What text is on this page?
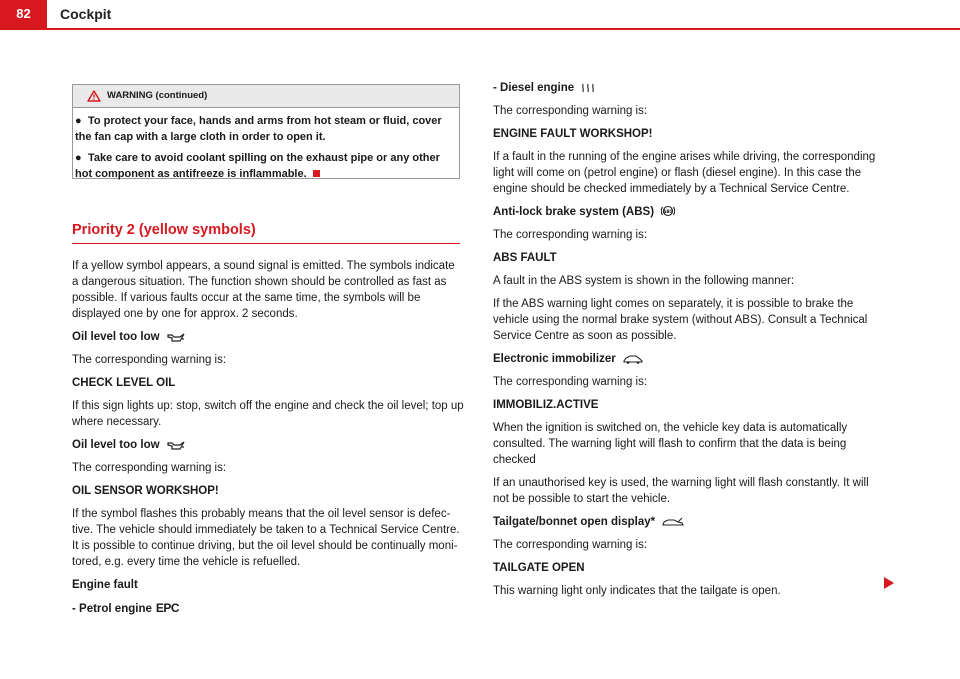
82	Cockpit
WARNING (continued)
● To protect your face, hands and arms from hot steam or fluid, cover the fan cap with a large cloth in order to open it.
● Take care to avoid coolant spilling on the exhaust pipe or any other hot component as antifreeze is inflammable.
Priority 2 (yellow symbols)

If a yellow symbol appears, a sound signal is emitted. The symbols indicate a dangerous situation. The function shown should be controlled as fast as possible. If various faults occur at the same time, the symbols will be displayed one by one for approx. 2 seconds.

Oil level too low

The corresponding warning is:

CHECK LEVEL OIL

If this sign lights up: stop, switch off the engine and check the oil level; top up where necessary.

Oil level too low

The corresponding warning is:

OIL SENSOR WORKSHOP!

If the symbol flashes this probably means that the oil level sensor is defec- tive. The vehicle should immediately be taken to a Technical Service Centre. It is possible to continue driving, but the oil level should be continually moni- tored, e.g. every time the vehicle is refuelled.

Engine fault

- Petrol engine EPC

- Diesel engine

The corresponding warning is:

ENGINE FAULT WORKSHOP!

If a fault in the running of the engine arises while driving, the corresponding light will come on (petrol engine) or flash (diesel engine). In this case the engine should be checked immediately by a Technical Service Centre.

Anti-lock brake system (ABS) ABS

The corresponding warning is:

ABS FAULT

A fault in the ABS system is shown in the following manner:

If the ABS warning light comes on separately, it is possible to brake the vehicle using the normal brake system (without ABS). Consult a Technical Service Centre as soon as possible.

Electronic immobilizer

The corresponding warning is:

IMMOBILIZ.ACTIVE

When the ignition is switched on, the vehicle key data is automatically consulted. The warning light will flash to confirm that the data is being checked

If an unauthorised key is used, the warning light will flash constantly. It will not be possible to start the vehicle.

Tailgate/bonnet open display*

The corresponding warning is:

TAILGATE OPEN

This warning light only indicates that the tailgate is open.
